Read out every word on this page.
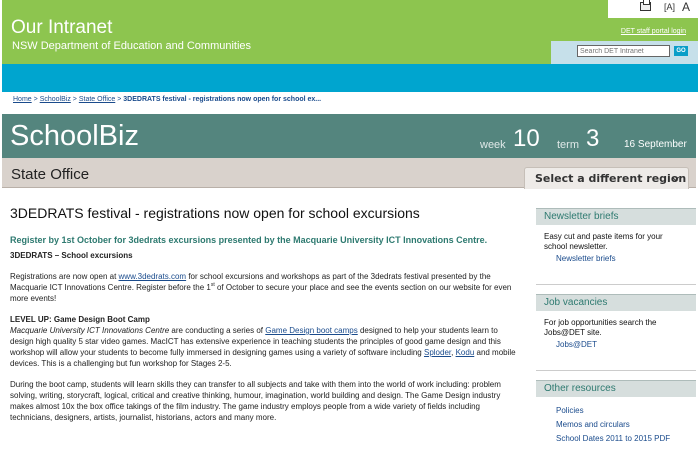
Our Intranet
NSW Department of Education and Communities
[A] A
DET staff portal login
Search DET Intranet
GO
Home > SchoolBiz > State Office > 3DEDRATS festival - registrations now open for school ex...
SchoolBiz	week 10 term 3 16 September
State Office	Select a different region
3DEDRATS festival - registrations now open for school excursions
Register by 1st October for 3dedrats excursions presented by the Macquarie University ICT Innovations Centre.
3DEDRATS – School excursions
Registrations are now open at www.3dedrats.com for school excursions and workshops as part of the 3dedrats festival presented by the Macquarie ICT Innovations Centre. Register before the 1st of October to secure your place and see the events section on our website for even more events!
LEVEL UP: Game Design Boot Camp
Macquarie University ICT Innovations Centre are conducting a series of Game Design boot camps designed to help your students learn to design high quality 5 star video games. MacICT has extensive experience in teaching students the principles of good game design and this workshop will allow your students to become fully immersed in designing games using a variety of software including Sploder, Kodu and mobile devices. This is a challenging but fun workshop for Stages 2-5.
During the boot camp, students will learn skills they can transfer to all subjects and take with them into the world of work including: problem solving, writing, storycraft, logical, critical and creative thinking, humour, imagination, world building and design. The Game Design industry makes almost 10x the box office takings of the film industry. The game industry employs people from a wide variety of fields including technicians, designers, artists, journalist, historians, actors and many more.
Newsletter briefs
Easy cut and paste items for your school newsletter.
Newsletter briefs
Job vacancies
For job opportunities search the Jobs@DET site.
Jobs@DET
Other resources
Policies
Memos and circulars
School Dates 2011 to 2015 PDF
